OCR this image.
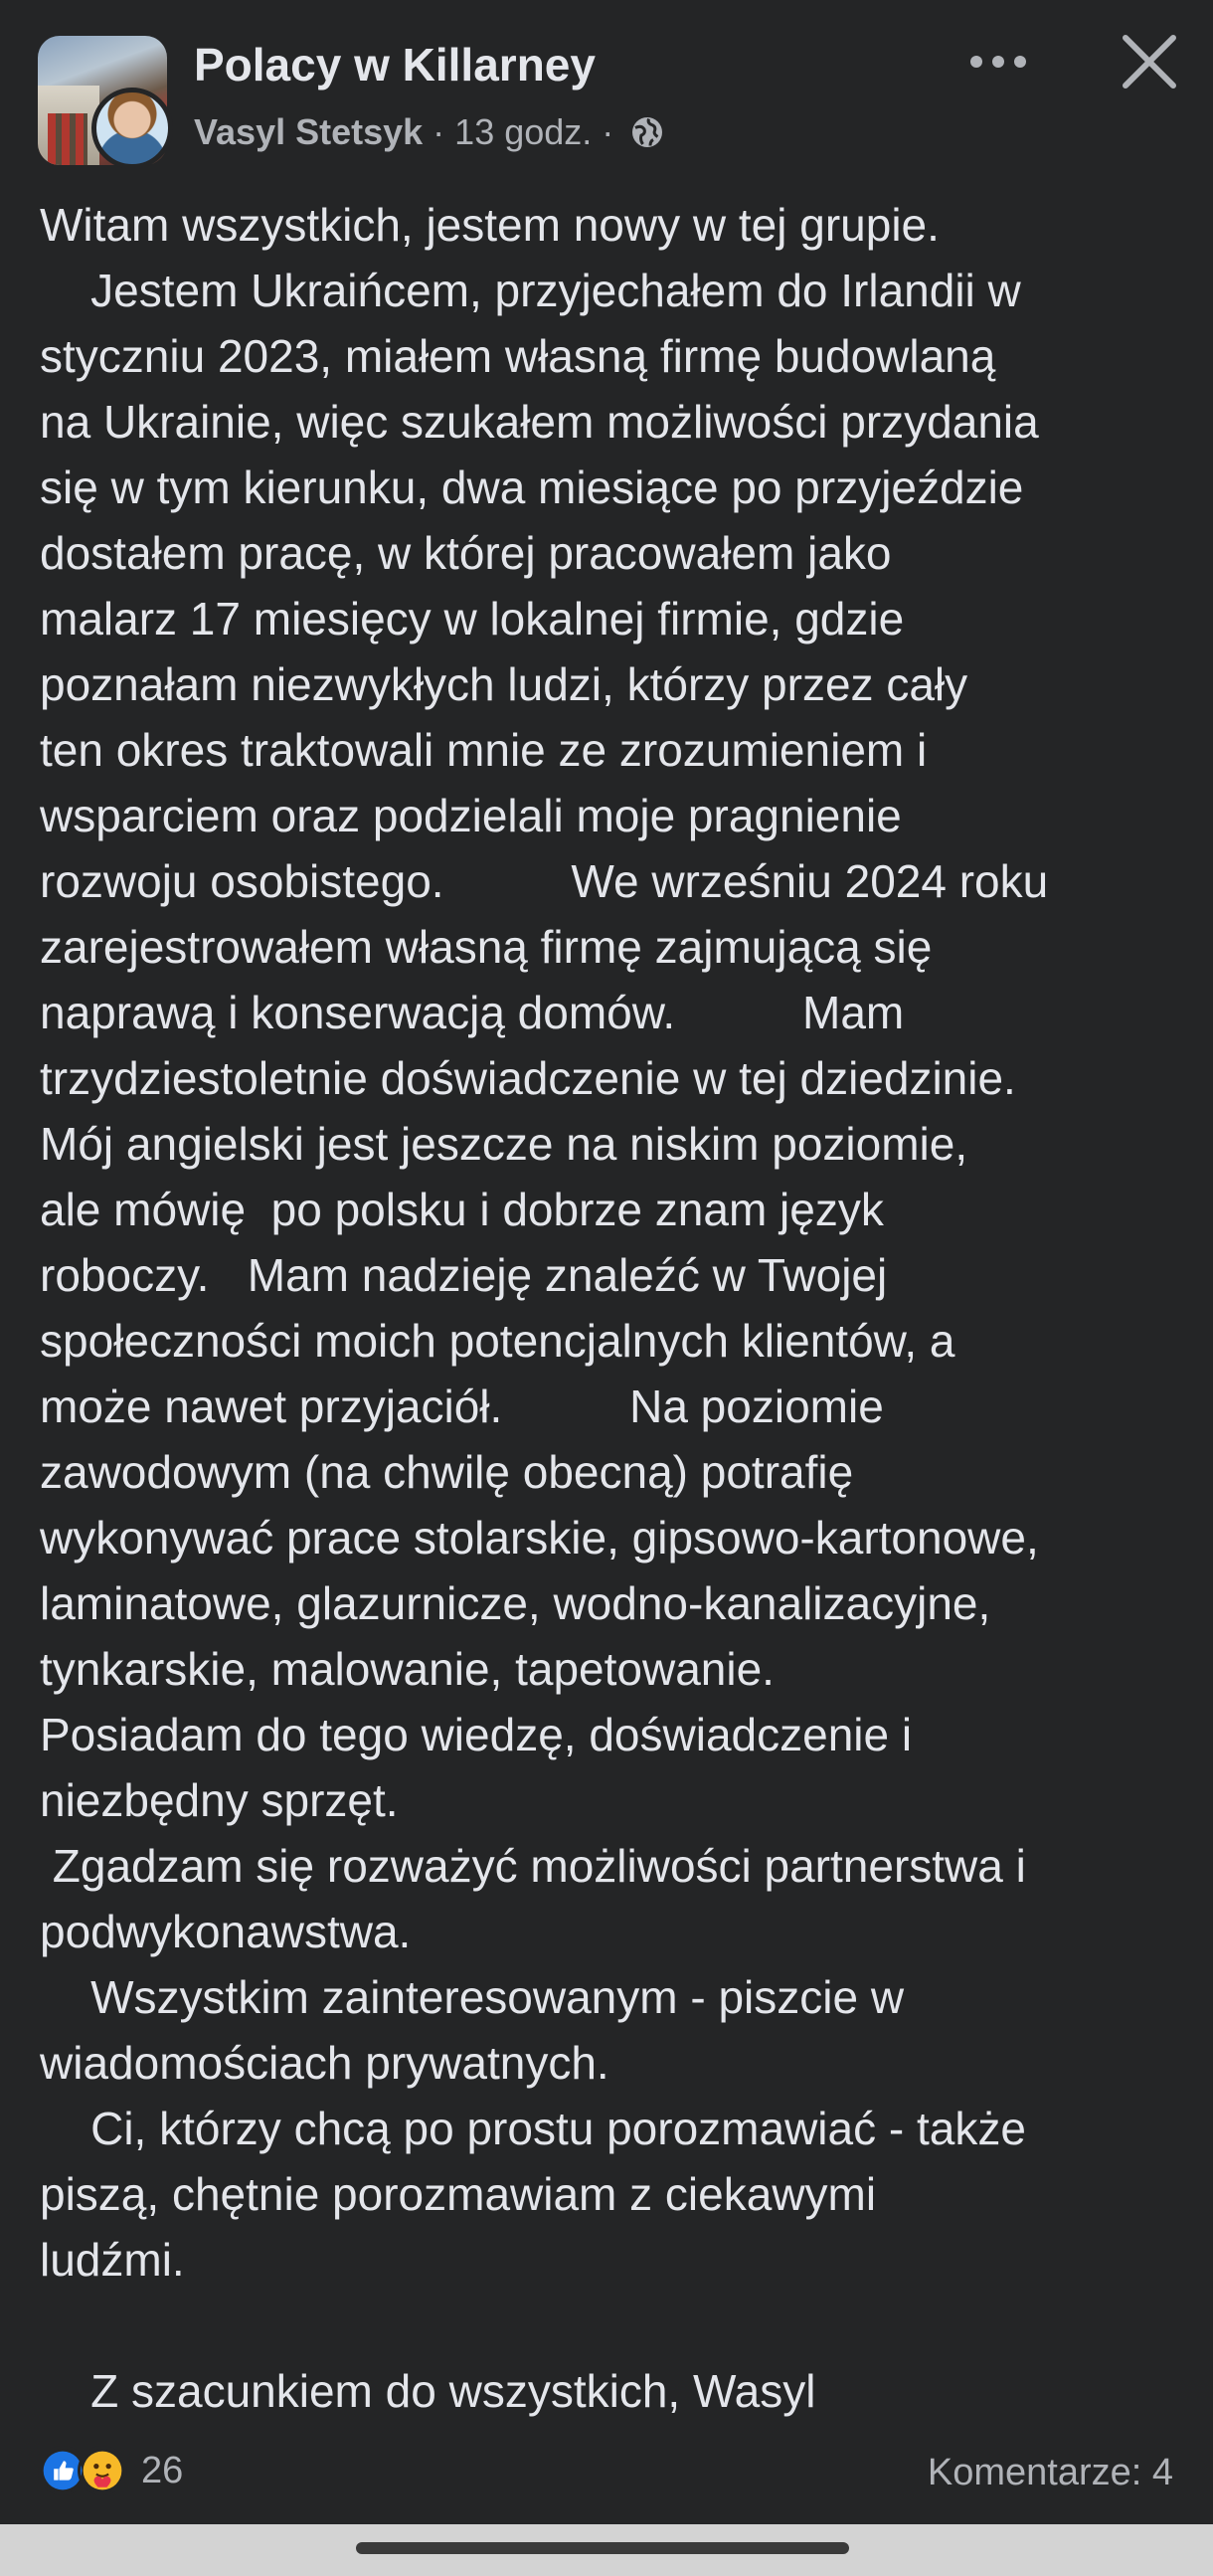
Polacy w Killarney
Vasyl Stetsyk · 13 godz. ·
Witam wszystkich, jestem nowy w tej grupie.
Jestem Ukraińcem, przyjechałem do Irlandii w
styczniu 2023, miałem własną firmę budowlaną
na Ukrainie, więc szukałem możliwości przydania
się w tym kierunku, dwa miesiące po przyjeździe
dostałem pracę, w której pracowałem jako
malarz 17 miesięcy w lokalnej firmie, gdzie
poznałam niezwykłych ludzi, którzy przez cały
ten okres traktowali mnie ze zrozumieniem i
wsparciem oraz podzielali moje pragnienie
rozwoju osobistego.          We wrześniu 2024 roku
zarejestrowałem własną firmę zajmującą się
naprawą i konserwacją domów.          Mam
trzydziestoletnie doświadczenie w tej dziedzinie.
Mój angielski jest jeszcze na niskim poziomie,
ale mówię  po polsku i dobrze znam język
roboczy.   Mam nadzieję znaleźć w Twojej
społeczności moich potencjalnych klientów, a
może nawet przyjaciół.          Na poziomie
zawodowym (na chwilę obecną) potrafię
wykonywać prace stolarskie, gipsowo-kartonowe,
laminatowe, glazurnicze, wodno-kanalizacyjne,
tynkarskie, malowanie, tapetowanie.
Posiadam do tego wiedzę, doświadczenie i
niezbędny sprzęt.
Zgadzam się rozważyć możliwości partnerstwa i
podwykonawstwa.
Wszystkim zainteresowanym - piszcie w
wiadomościach prywatnych.
Ci, którzy chcą po prostu porozmawiać - także
piszą, chętnie porozmawiam z ciekawymi
ludźmi.
Z szacunkiem do wszystkich, Wasyl
26	Komentarze: 4
